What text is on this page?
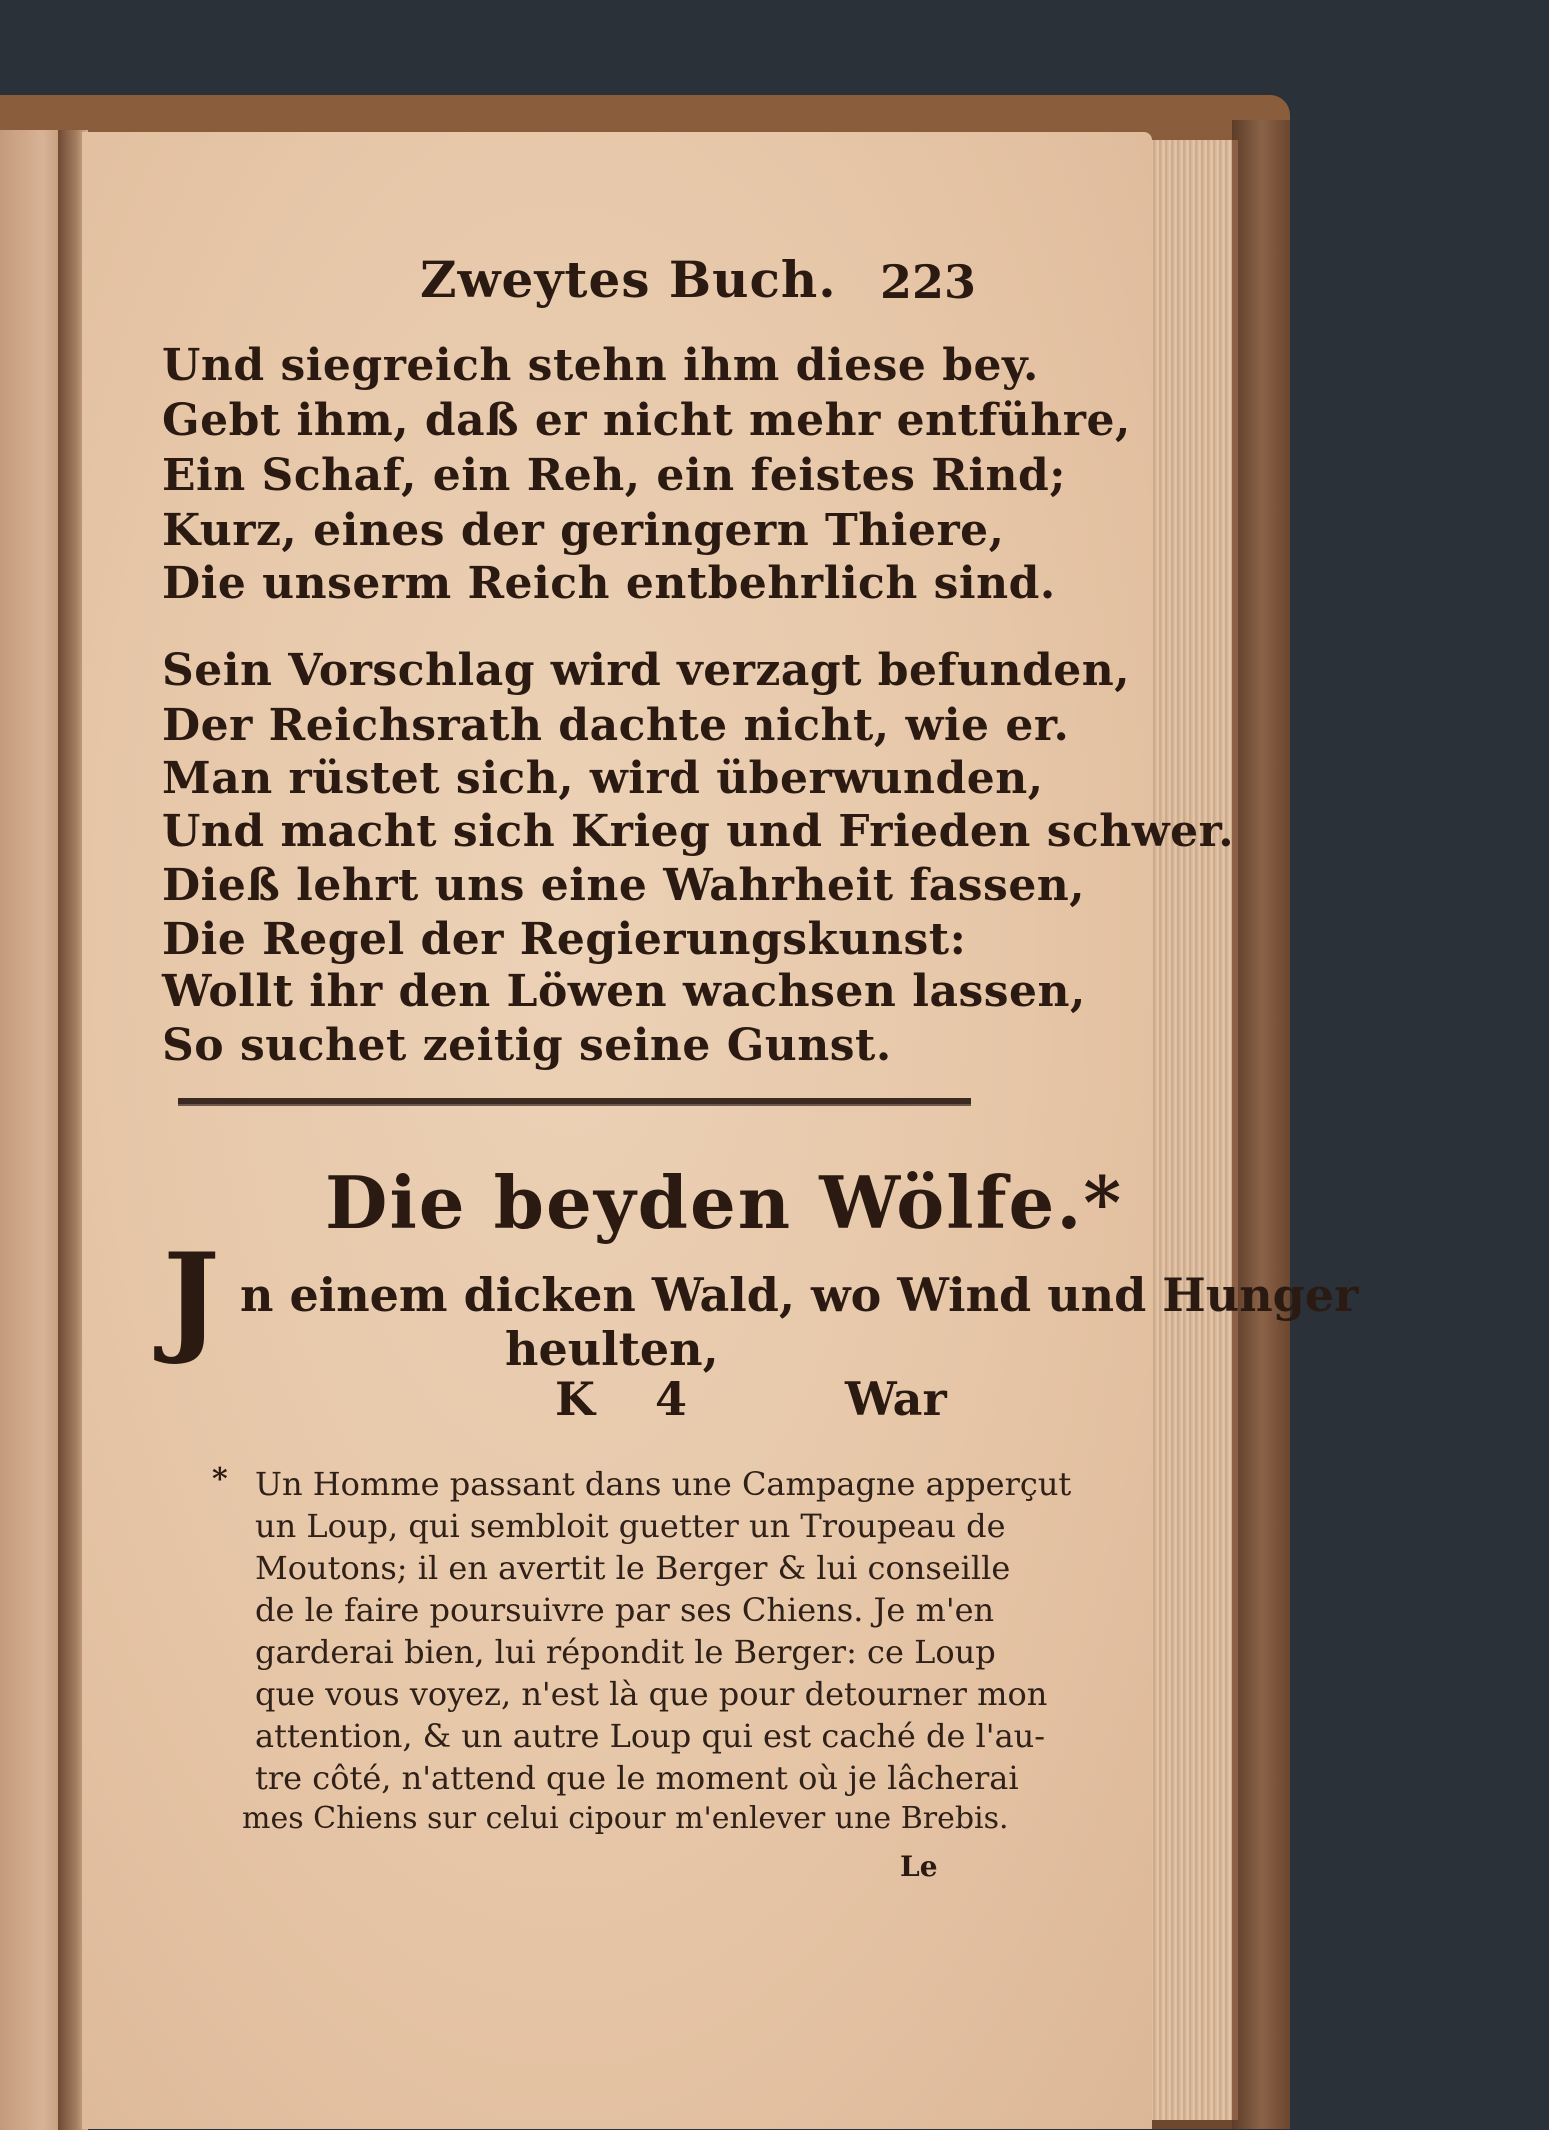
Zweytes Buch. 223
Und siegreich stehn ihm diese bey.
Gebt ihm, daß er nicht mehr entführe,
Ein Schaf, ein Reh, ein feistes Rind;
Kurz, eines der geringern Thiere,
Die unserm Reich entbehrlich sind.
Sein Vorschlag wird verzagt befunden,
Der Reichsrath dachte nicht, wie er.
Man rüstet sich, wird überwunden,
Und macht sich Krieg und Frieden schwer.
Dieß lehrt uns eine Wahrheit fassen,
Die Regel der Regierungskunst:
Wollt ihr den Löwen wachsen lassen,
So suchet zeitig seine Gunst.
Die beyden Wölfe.*
J n einem dicken Wald, wo Wind und Hunger
heulten,
K 4	War
* Un Homme passant dans une Campagne apperçut
un Loup, qui sembloit guetter un Troupeau de
Moutons; il en avertit le Berger & lui conseille
de le faire poursuivre par ses Chiens. Je m'en
garderai bien, lui répondit le Berger: ce Loup
que vous voyez, n'est là que pour detourner mon
attention, & un autre Loup qui est caché de l'au-
tre côté, n'attend que le moment où je lâcherai
mes Chiens sur celui cipour m'enlever une Brebis.
Le
